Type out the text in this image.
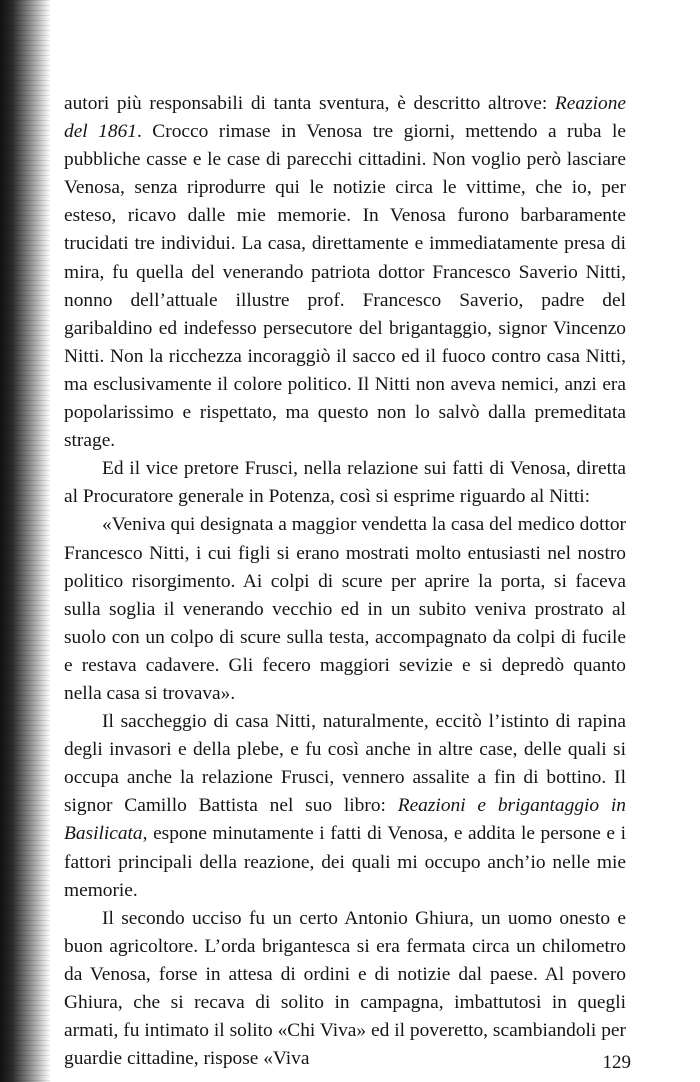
autori più responsabili di tanta sventura, è descritto altrove: Reazione del 1861. Crocco rimase in Venosa tre giorni, mettendo a ruba le pubbliche casse e le case di parecchi cittadini. Non voglio però lasciare Venosa, senza riprodurre qui le notizie circa le vittime, che io, per esteso, ricavo dalle mie memorie. In Venosa furono barbaramente trucidati tre individui. La casa, direttamente e immediatamente presa di mira, fu quella del venerando patriota dottor Francesco Saverio Nitti, nonno dell’attuale illustre prof. Francesco Saverio, padre del garibaldino ed indefesso persecutore del brigantaggio, signor Vincenzo Nitti. Non la ricchezza incoraggiò il sacco ed il fuoco contro casa Nitti, ma esclusivamente il colore politico. Il Nitti non aveva nemici, anzi era popolarissimo e rispettato, ma questo non lo salvò dalla premeditata strage.

Ed il vice pretore Frusci, nella relazione sui fatti di Venosa, diretta al Procuratore generale in Potenza, così si esprime riguardo al Nitti:

«Veniva qui designata a maggior vendetta la casa del medico dottor Francesco Nitti, i cui figli si erano mostrati molto entusiasti nel nostro politico risorgimento. Ai colpi di scure per aprire la porta, si faceva sulla soglia il venerando vecchio ed in un subito veniva prostrato al suolo con un colpo di scure sulla testa, accompagnato da colpi di fucile e restava cadavere. Gli fecero maggiori sevizie e si depredò quanto nella casa si trovava».

Il saccheggio di casa Nitti, naturalmente, eccitò l’istinto di rapina degli invasori e della plebe, e fu così anche in altre case, delle quali si occupa anche la relazione Frusci, vennero assalite a fin di bottino. Il signor Camillo Battista nel suo libro: Reazioni e brigantaggio in Basilicata, espone minutamente i fatti di Venosa, e addita le persone e i fattori principali della reazione, dei quali mi occupo anch’io nelle mie memorie.

Il secondo ucciso fu un certo Antonio Ghiura, un uomo onesto e buon agricoltore. L’orda brigantesca si era fermata circa un chilometro da Venosa, forse in attesa di ordini e di notizie dal paese. Al povero Ghiura, che si recava di solito in campagna, imbattutosi in quegli armati, fu intimato il solito «Chi Viva» ed il poveretto, scambiandoli per guardie cittadine, rispose «Viva	129
